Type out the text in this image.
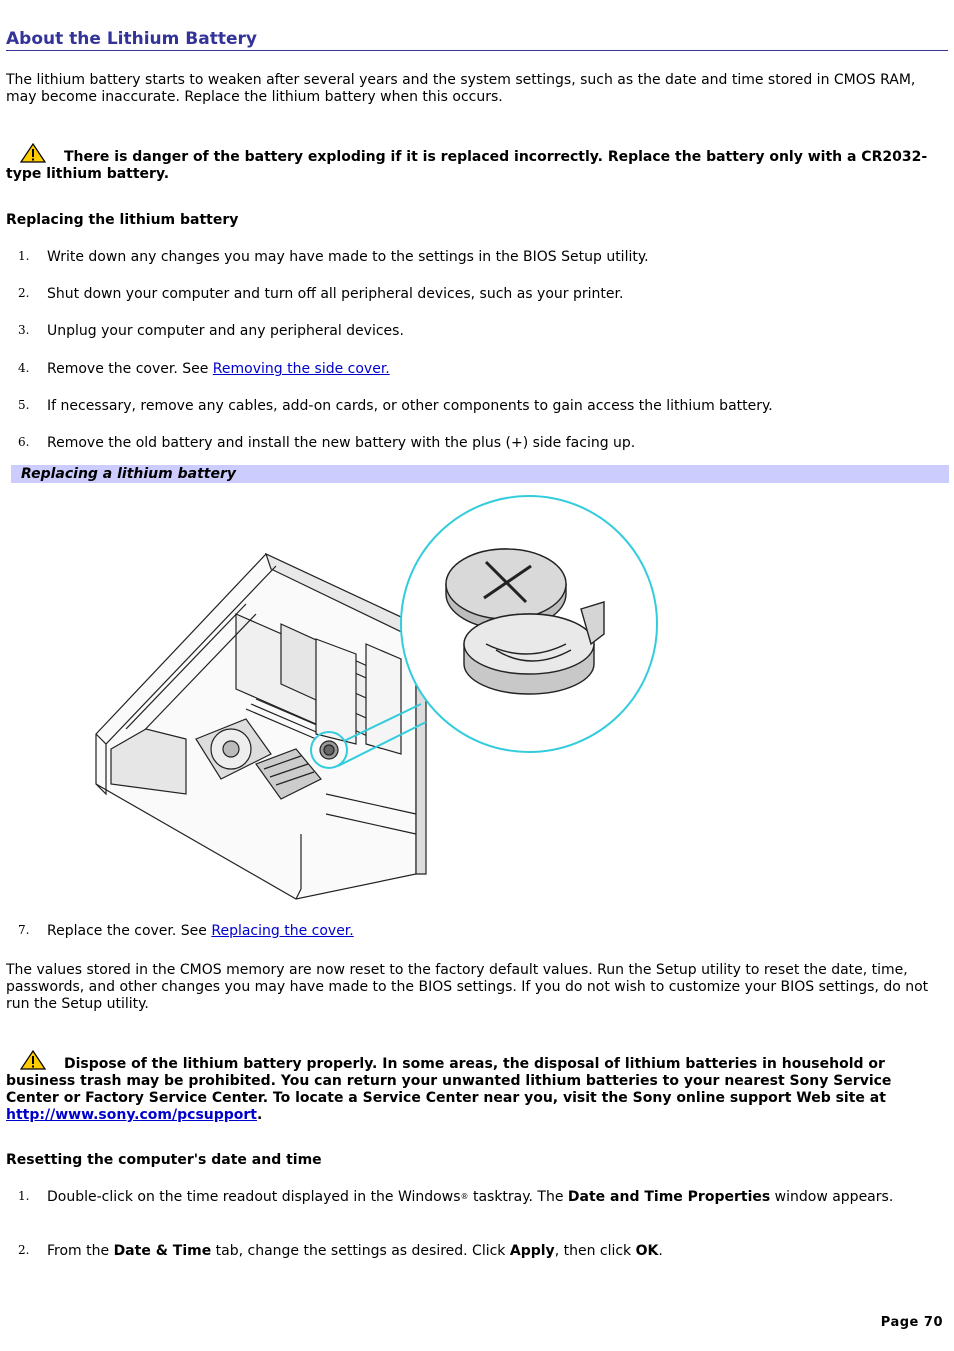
About the Lithium Battery

The lithium battery starts to weaken after several years and the system settings, such as the date and time stored in CMOS RAM, may become inaccurate. Replace the lithium battery when this occurs.

There is danger of the battery exploding if it is replaced incorrectly. Replace the battery only with a CR2032-type lithium battery.
Replacing the lithium battery
1. Write down any changes you may have made to the settings in the BIOS Setup utility.
2. Shut down your computer and turn off all peripheral devices, such as your printer.
3. Unplug your computer and any peripheral devices.
4. Remove the cover. See Removing the side cover.
5. If necessary, remove any cables, add-on cards, or other components to gain access the lithium battery.
6. Remove the old battery and install the new battery with the plus (+) side facing up.
Replacing a lithium battery
7. Replace the cover. See Replacing the cover.

The values stored in the CMOS memory are now reset to the factory default values. Run the Setup utility to reset the date, time, passwords, and other changes you may have made to the BIOS settings. If you do not wish to customize your BIOS settings, do not run the Setup utility.

Dispose of the lithium battery properly. In some areas, the disposal of lithium batteries in household or business trash may be prohibited. You can return your unwanted lithium batteries to your nearest Sony Service Center or Factory Service Center. To locate a Service Center near you, visit the Sony online support Web site at http://www.sony.com/pcsupport.
Resetting the computer's date and time
1. Double-click on the time readout displayed in the Windows® tasktray. The Date and Time Properties window appears.
2. From the Date & Time tab, change the settings as desired. Click Apply, then click OK.
Page 70
